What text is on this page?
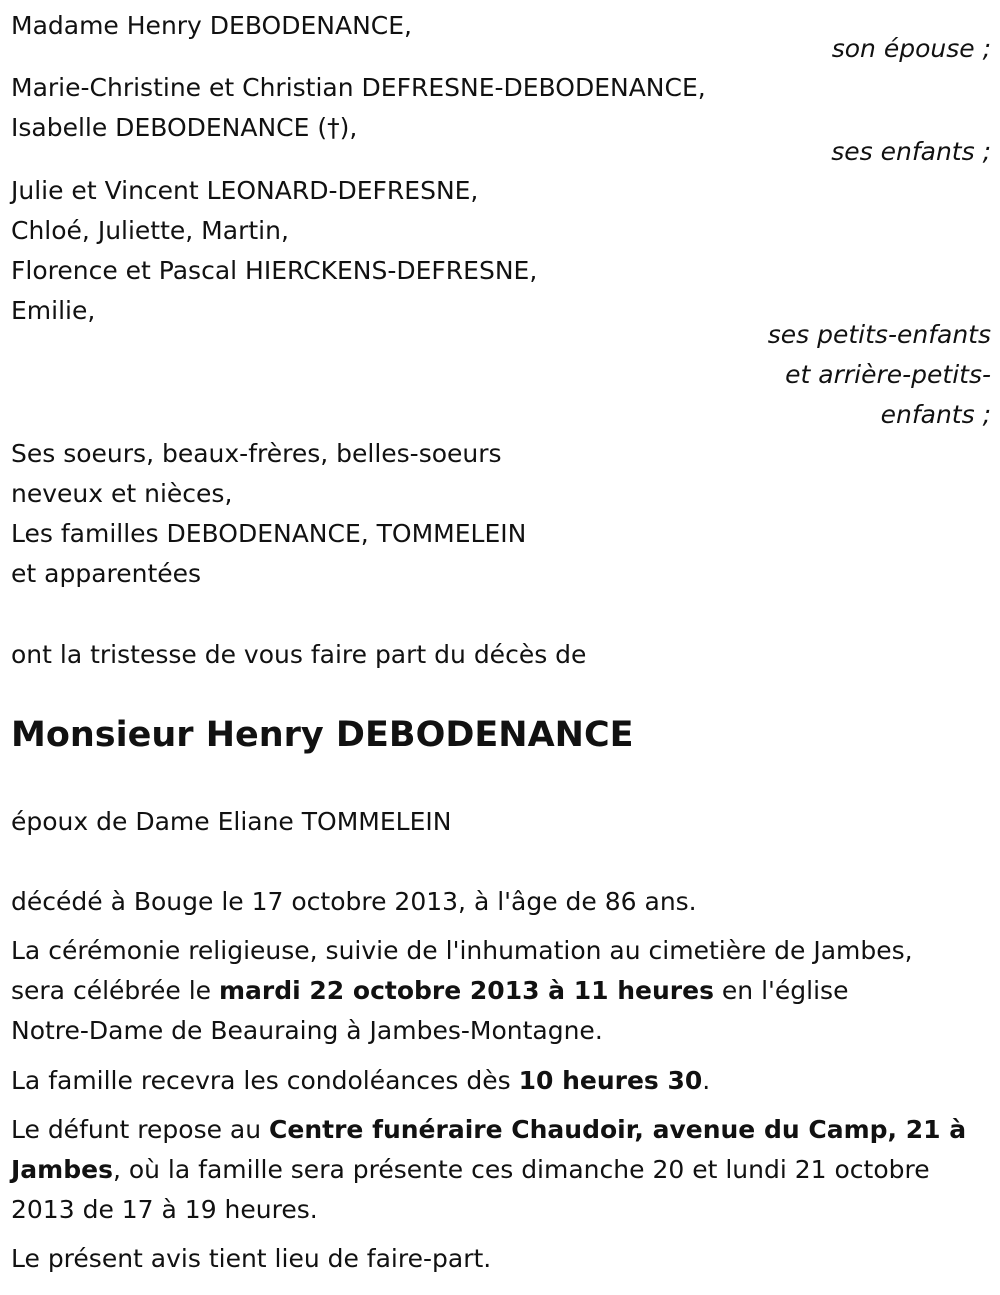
Madame Henry DEBODENANCE,
son épouse ;
Marie-Christine et Christian DEFRESNE-DEBODENANCE,
Isabelle DEBODENANCE (†),
ses enfants ;
Julie et Vincent LEONARD-DEFRESNE,
Chloé, Juliette, Martin,
Florence et Pascal HIERCKENS-DEFRESNE,
Emilie,
ses petits-enfants
et arrière-petits-
enfants ;
Ses soeurs, beaux-frères, belles-soeurs
neveux et nièces,
Les familles DEBODENANCE, TOMMELEIN
et apparentées
ont la tristesse de vous faire part du décès de
Monsieur Henry DEBODENANCE
époux de Dame Eliane TOMMELEIN
décédé à Bouge le 17 octobre 2013, à l'âge de 86 ans.
La cérémonie religieuse, suivie de l'inhumation au cimetière de Jambes,
sera célébrée le mardi 22 octobre 2013 à 11 heures en l'église
Notre-Dame de Beauraing à Jambes-Montagne.
La famille recevra les condoléances dès 10 heures 30.
Le défunt repose au Centre funéraire Chaudoir, avenue du Camp, 21 à
Jambes, où la famille sera présente ces dimanche 20 et lundi 21 octobre
2013 de 17 à 19 heures.
Le présent avis tient lieu de faire-part.
